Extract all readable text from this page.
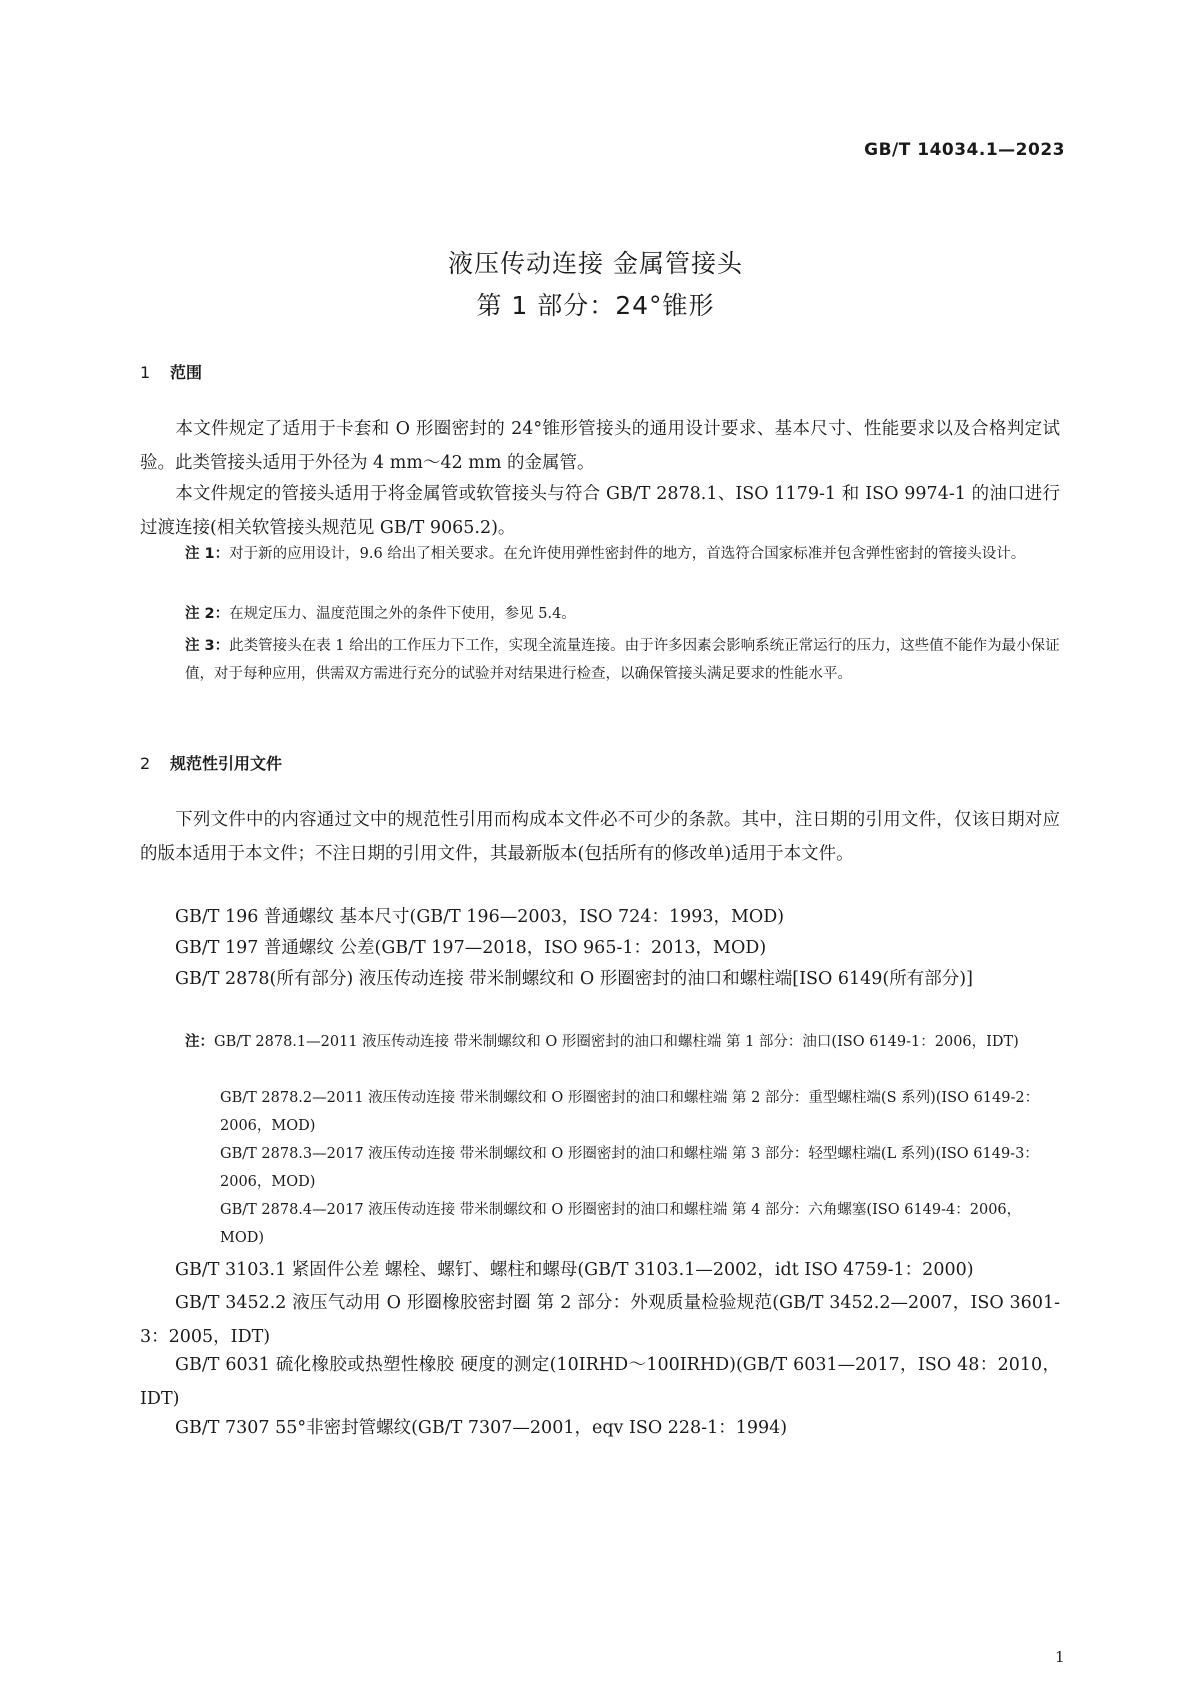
GB/T 14034.1—2023
液压传动连接 金属管接头
第 1 部分：24°锥形
1 范围
本文件规定了适用于卡套和 O 形圈密封的 24°锥形管接头的通用设计要求、基本尺寸、性能要求以及合格判定试验。此类管接头适用于外径为 4 mm～42 mm 的金属管。
本文件规定的管接头适用于将金属管或软管接头与符合 GB/T 2878.1、ISO 1179-1 和 ISO 9974-1 的油口进行过渡连接(相关软管接头规范见 GB/T 9065.2)。
注 1：对于新的应用设计，9.6 给出了相关要求。在允许使用弹性密封件的地方，首选符合国家标准并包含弹性密封的管接头设计。
注 2：在规定压力、温度范围之外的条件下使用，参见 5.4。
注 3：此类管接头在表 1 给出的工作压力下工作，实现全流量连接。由于许多因素会影响系统正常运行的压力，这些值不能作为最小保证值，对于每种应用，供需双方需进行充分的试验并对结果进行检查，以确保管接头满足要求的性能水平。
2 规范性引用文件
下列文件中的内容通过文中的规范性引用而构成本文件必不可少的条款。其中，注日期的引用文件，仅该日期对应的版本适用于本文件；不注日期的引用文件，其最新版本(包括所有的修改单)适用于本文件。
GB/T 196 普通螺纹 基本尺寸(GB/T 196—2003，ISO 724：1993，MOD)
GB/T 197 普通螺纹 公差(GB/T 197—2018，ISO 965-1：2013，MOD)
GB/T 2878(所有部分) 液压传动连接 带米制螺纹和 O 形圈密封的油口和螺柱端[ISO 6149(所有部分)]
注：GB/T 2878.1—2011 液压传动连接 带米制螺纹和 O 形圈密封的油口和螺柱端 第 1 部分：油口(ISO 6149-1：2006，IDT)
GB/T 2878.2—2011 液压传动连接 带米制螺纹和 O 形圈密封的油口和螺柱端 第 2 部分：重型螺柱端(S 系列)(ISO 6149-2：2006，MOD)
GB/T 2878.3—2017 液压传动连接 带米制螺纹和 O 形圈密封的油口和螺柱端 第 3 部分：轻型螺柱端(L 系列)(ISO 6149-3：2006，MOD)
GB/T 2878.4—2017 液压传动连接 带米制螺纹和 O 形圈密封的油口和螺柱端 第 4 部分：六角螺塞(ISO 6149-4：2006，MOD)
GB/T 3103.1 紧固件公差 螺栓、螺钉、螺柱和螺母(GB/T 3103.1—2002，idt ISO 4759-1：2000)
GB/T 3452.2 液压气动用 O 形圈橡胶密封圈 第 2 部分：外观质量检验规范(GB/T 3452.2—2007，ISO 3601-3：2005，IDT)
GB/T 6031 硫化橡胶或热塑性橡胶 硬度的测定(10IRHD～100IRHD)(GB/T 6031—2017，ISO 48：2010，IDT)
GB/T 7307 55°非密封管螺纹(GB/T 7307—2001，eqv ISO 228-1：1994)
1
